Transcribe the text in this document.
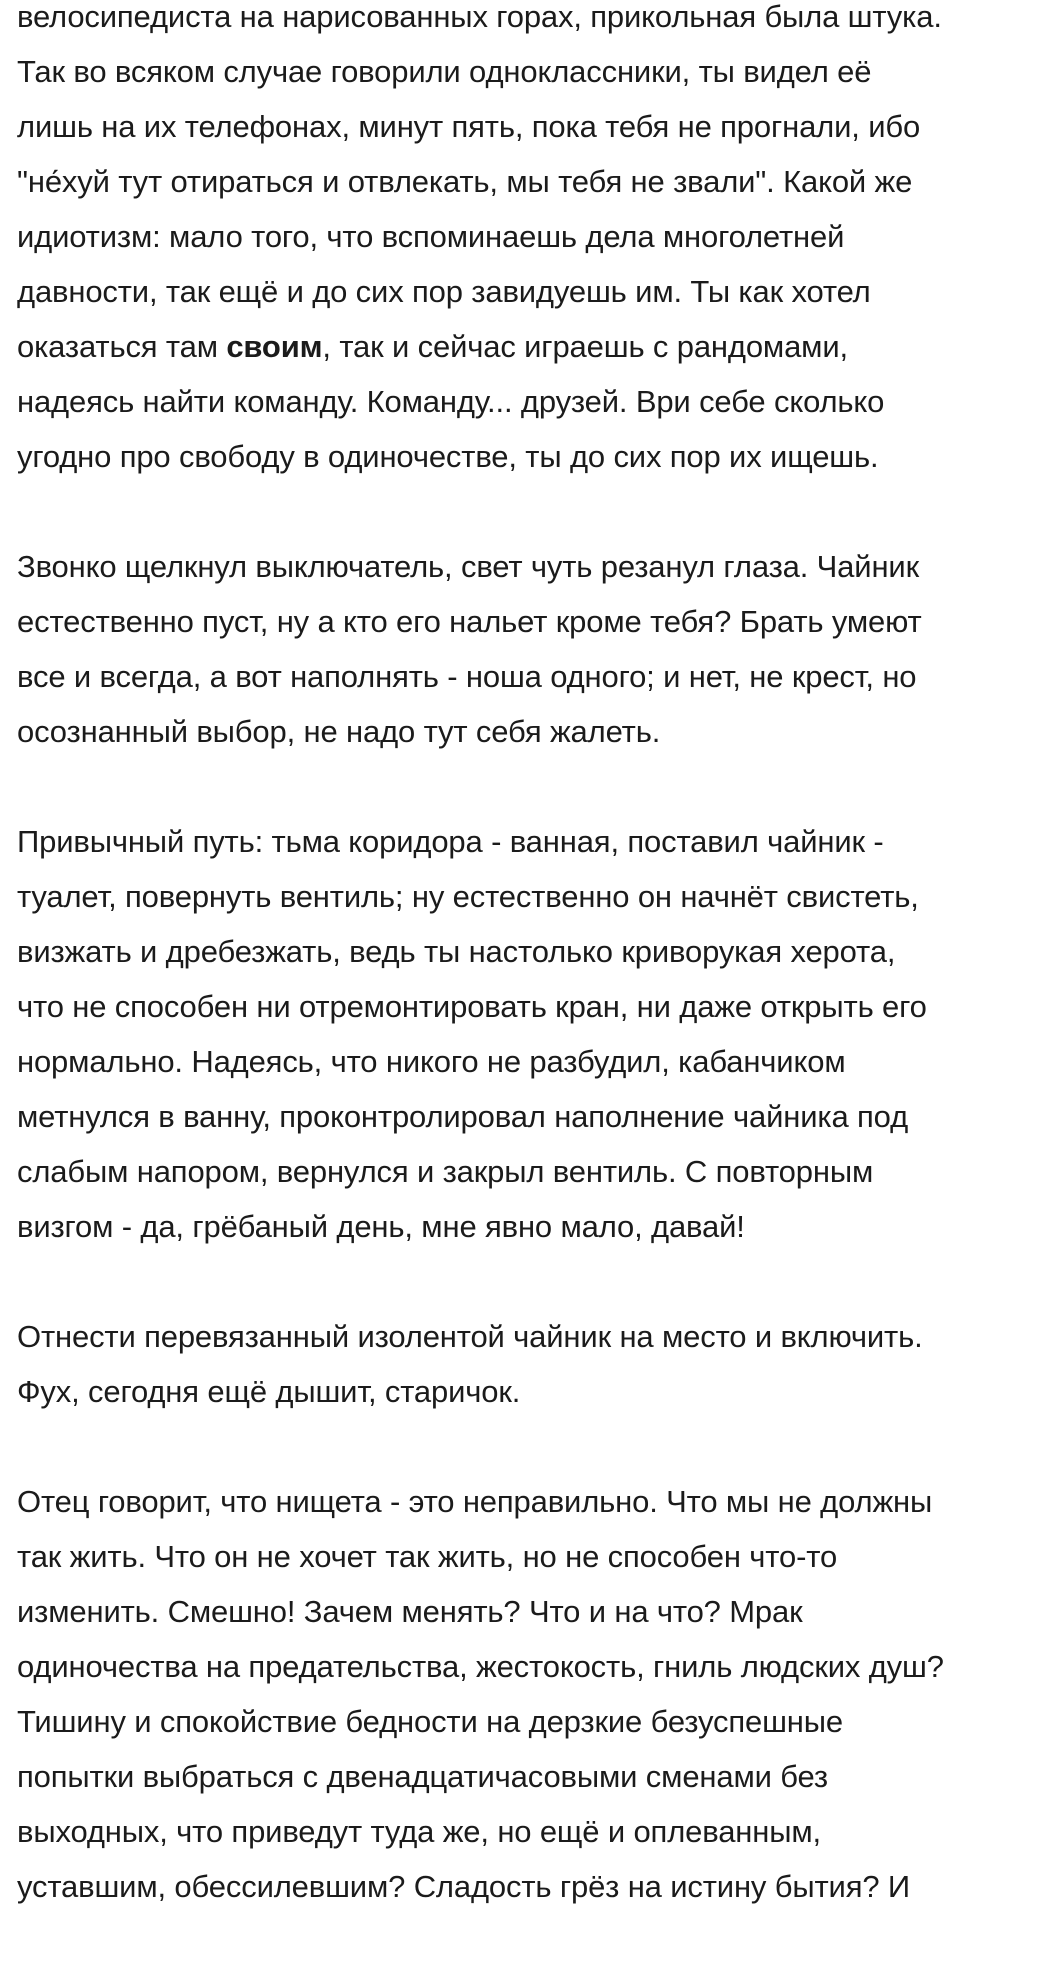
велосипедиста на нарисованных горах, прикольная была штука.
Так во всяком случае говорили одноклассники, ты видел её
лишь на их телефонах, минут пять, пока тебя не прогнали, ибо
"не́хуй тут отираться и отвлекать, мы тебя не звали". Какой же
идиотизм: мало того, что вспоминаешь дела многолетней
давности, так ещё и до сих пор завидуешь им. Ты как хотел
оказаться там своим, так и сейчас играешь с рандомами,
надеясь найти команду. Команду... друзей. Ври себе сколько
угодно про свободу в одиночестве, ты до сих пор их ищешь.
Звонко щелкнул выключатель, свет чуть резанул глаза. Чайник
естественно пуст, ну а кто его нальет кроме тебя? Брать умеют
все и всегда, а вот наполнять - ноша одного; и нет, не крест, но
осознанный выбор, не надо тут себя жалеть.
Привычный путь: тьма коридора - ванная, поставил чайник -
туалет, повернуть вентиль; ну естественно он начнёт свистеть,
визжать и дребезжать, ведь ты настолько криворукая херота,
что не способен ни отремонтировать кран, ни даже открыть его
нормально. Надеясь, что никого не разбудил, кабанчиком
метнулся в ванну, проконтролировал наполнение чайника под
слабым напором, вернулся и закрыл вентиль. С повторным
визгом - да, грёбаный день, мне явно мало, давай!
Отнести перевязанный изолентой чайник на место и включить.
Фух, сегодня ещё дышит, старичок.
Отец говорит, что нищета - это неправильно. Что мы не должны
так жить. Что он не хочет так жить, но не способен что-то
изменить. Смешно! Зачем менять? Что и на что? Мрак
одиночества на предательства, жестокость, гниль людских душ?
Тишину и спокойствие бедности на дерзкие безуспешные
попытки выбраться с двенадцатичасовыми сменами без
выходных, что приведут туда же, но ещё и оплеванным,
уставшим, обессилевшим? Сладость грёз на истину бытия? И
